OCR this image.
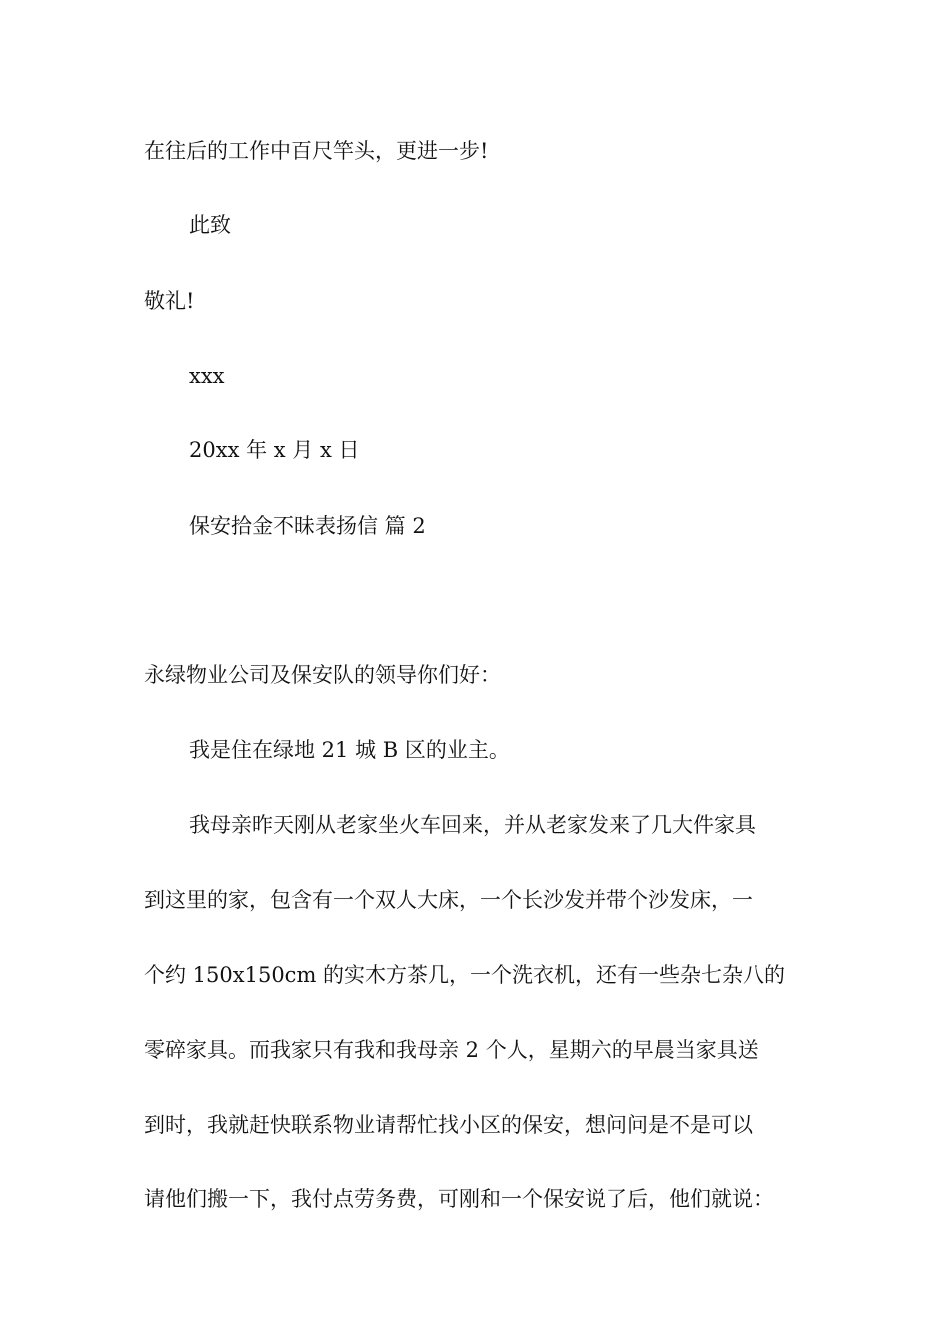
在往后的工作中百尺竿头，更进一步!

此致

敬礼!

xxx

20xx 年 x 月 x 日

保安拾金不昧表扬信 篇 2

永绿物业公司及保安队的领导你们好：

我是住在绿地 21 城 B 区的业主。

我母亲昨天刚从老家坐火车回来，并从老家发来了几大件家具

到这里的家，包含有一个双人大床，一个长沙发并带个沙发床，一

个约 150x150cm 的实木方茶几，一个洗衣机，还有一些杂七杂八的

零碎家具。而我家只有我和我母亲 2 个人，星期六的早晨当家具送

到时，我就赶快联系物业请帮忙找小区的保安，想问问是不是可以

请他们搬一下，我付点劳务费，可刚和一个保安说了后，他们就说：
